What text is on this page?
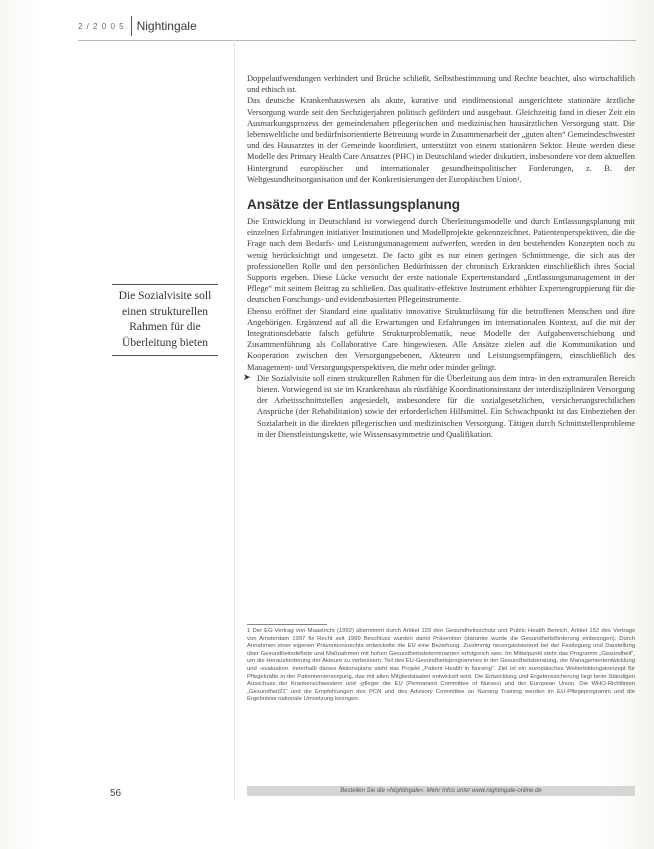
2 / 2 0 0 5 Nightingale

Doppelaufwendungen verhindert und Brüche schließt, Selbstbestimmung und Rechte beachtet, also wirtschaftlich und ethisch ist.

Das deutsche Krankenhauswesen als akute, kurative und eindimensional ausgerichtete stationäre ärztliche Versorgung wurde seit den Sechzigerjahren politisch gefördert und ausgebaut. Gleichzeitig fand in dieser Zeit ein Ausmarkungsprozess der gemeindenahen pflegerischen und medizinischen hausärztlichen Versorgung statt. Die lebensweltliche und bedürfnisorientierte Betreuung wurde in Zusammenarbeit der „guten alten“ Gemeindeschwester und des Hausarztes in der Gemeinde koordiniert, unterstützt von einem stationären Sektor. Heute werden diese Modelle des Primary Health Care Ansatzes (PHC) in Deutschland wieder diskutiert, insbesondere vor dem aktuellen Hintergrund europäischer und internationaler gesundheitspolitischer Forderungen, z. B. der Weltgesundheitsorganisation und der Konkretisierungen der Europäischen Union¹.

Ansätze der Entlassungsplanung

Die Entwicklung in Deutschland ist vorwiegend durch Überleitungsmodelle und durch Entlassungsplanung mit einzelnen Erfahrungen initiativer Institutionen und Modellprojekte gekennzeichnet. Patientenperspektiven, die die Frage nach dem Bedarfs- und Leistungsmanagement aufwerfen, werden in den bestehenden Konzepten noch zu wenig berücksichtigt und umgesetzt. De facto gibt es nur einen geringen Schnittmenge, die sich aus der professionellen Rolle und den persönlichen Bedürfnissen der chronisch Erkrankten einschließlich ihres Social Supports ergeben. Diese Lücke versucht der erste nationale Expertenstandard „Entlassungsmanagement in der Pflege“ mit seinem Beitrag zu schließen. Das qualitativ-effektive Instrument erhöhter Expertengruppierung für die deutschen Forschungs- und evidenzbasierten Pflegeinstrumente.

Ebenso eröffnet der Standard eine qualitativ innovative Strukturlösung für die betroffenen Menschen und ihre Angehörigen. Ergänzend auf all die Erwartungen und Erfahrungen im internationalen Kontext, auf die mit der Integrationsdebatte falsch geführte Strukturproblematik, neue Modelle der Aufgabenverschiebung und Zusammenführung als Collaborative Care hingewiesen. Alle Ansätze zielen auf die Kommunikation und Kooperation zwischen den Versorgungsebenen, Akteuren und Leistungsempfängern, einschließlich des Management- und Versorgungsperspektiven, die mehr oder minder gelingt.

➤ Die Sozialvisite soll einen strukturellen Rahmen für die Überleitung aus dem intra- in den extramuralen Bereich bieten. Vorwiegend ist sie im Krankenhaus als rüstfähige Koordinationsinstanz der interdisziplinären Versorgung der Arbeitsschnittstellen angesiedelt, insbesondere für die sozialgesetzlichen, versicherungsrechtlichen Ansprüche (der Rehabilitation) sowie der erforderlichen Hilfsmittel. Ein Schwachpunkt ist das Einbeziehen der Sozialarbeit in die direkten pflegerischen und medizinischen Versorgung. Tätigen durch Schnittstellenprobleme in der Dienstleistungskette, wie Wissensasymmetrie und Qualifikation.

Die Sozialvisite soll einen strukturellen Rahmen für die Überleitung bieten

1 Der EG-Vertrag von Maastricht (1992) übernimmt durch Artikel 129 den Gesundheitsschutz und Public Health Bereich, Artikel 152 des Vertrags von Amsterdam 1997 fix Recht seit 1999 Beschluss wurden damit Prävention (darunter wurde die Gesundheitsförderung einbezogen). Durch Annahmen einer eigenen Präventionsrechts entwickelte die EU eine Beziehung. Zustimmig neuorganisierend bei der Festlegung und Darstellung über Gesundheitsdefizite und Maßnahmen mit hohen Gesundheitsdeterminanten erfolgreich sein. Im Mittelpunkt steht das Programm „Gesundheit“, um die Herausforderung der Akteure zu verbessern, Teil des EU-Gesundheitsprogrammes in der Gesundheitsberatung, der Managemententwicklung und -evaluation. Innerhalb dieses Aktionsplans steht das Projekt „Patient Health in Nursing“. Ziel ist ein europäisches Weiterbildungskonzept für Pflegekräfte in der Patientenversorgung, das mit allen Mitgliedstaaten entwickelt wird. Die Entwicklung und Ergebnissicherung liegt beim Ständigen Ausschuss der Krankenschwestern und -pfleger der EU (Permanent Committee of Nurses) und der European Union. Die WHO-Richtlinien „Gesundheit21“ und die Empfehlungen des PCN und des Advisory Committee on Nursing Training werden im EU-Pflegeprogramm und die Ergebnisse nationale Umsetzung bezogen.

56	Bestellen Sie die »Nightingale«. Mehr Infos unter www.nightingale-online.de
